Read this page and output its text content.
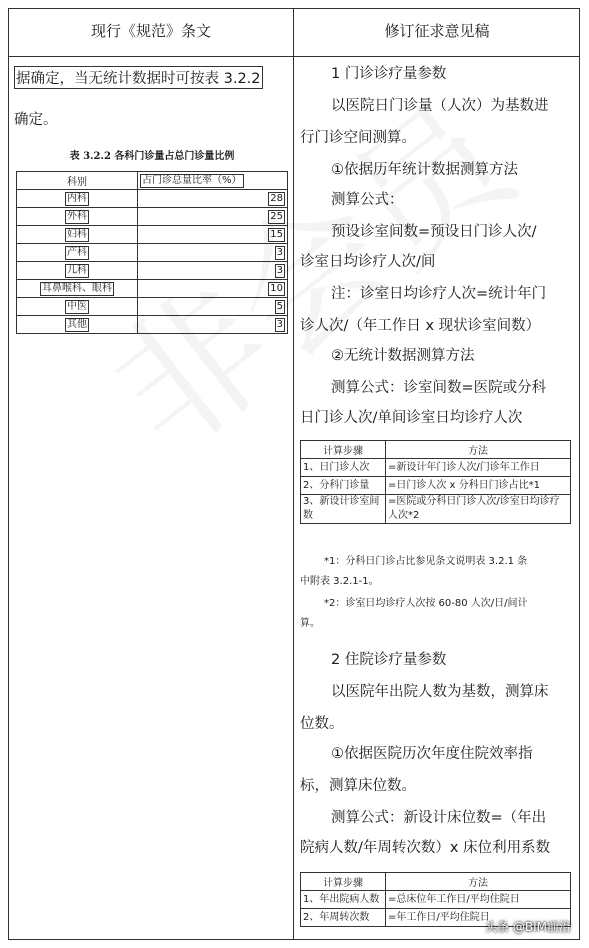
现行《规范》条文	修订征求意见稿
据确定，当无统计数据时可按表 3.2.2
确定。
表 3.2.2 各科门诊量占总门诊量比例
科别	占门诊总量比率（%）
内科	28
外科	25
妇科	15
产科	3
儿科	3
耳鼻喉科、眼科	10
中医	5
其他	3
1 门诊诊疗量参数
以医院日门诊量（人次）为基数进
行门诊空间测算。
①依据历年统计数据测算方法
测算公式：
预设诊室间数=预设日门诊人次/
诊室日均诊疗人次/间
注：诊室日均诊疗人次=统计年门
诊人次/（年工作日 x 现状诊室间数）
②无统计数据测算方法
测算公式：诊室间数=医院或分科
日门诊人次/单间诊室日均诊疗人次
计算步骤	方法
1、日门诊人次	=新设计年门诊人次/门诊年工作日
2、分科门诊量	=日门诊人次 x 分科日门诊占比*1
3、新设计诊室间数	=医院或分科日门诊人次/诊室日均诊疗人次*2
*1：分科日门诊占比参见条文说明表 3.2.1 条
中附表 3.2.1-1。
*2：诊室日均诊疗人次按 60-80 人次/日/间计
算。
2 住院诊疗量参数
以医院年出院人数为基数，测算床
位数。
①依据医院历次年度住院效率指
标，测算床位数。
测算公式：新设计床位数=（年出
院病人数/年周转次数）x 床位利用系数
计算步骤	方法
1、年出院病人数	=总床位年工作日/平均住院日
2、年周转次数	=年工作日/平均住院日
头条 @BIM前沿
